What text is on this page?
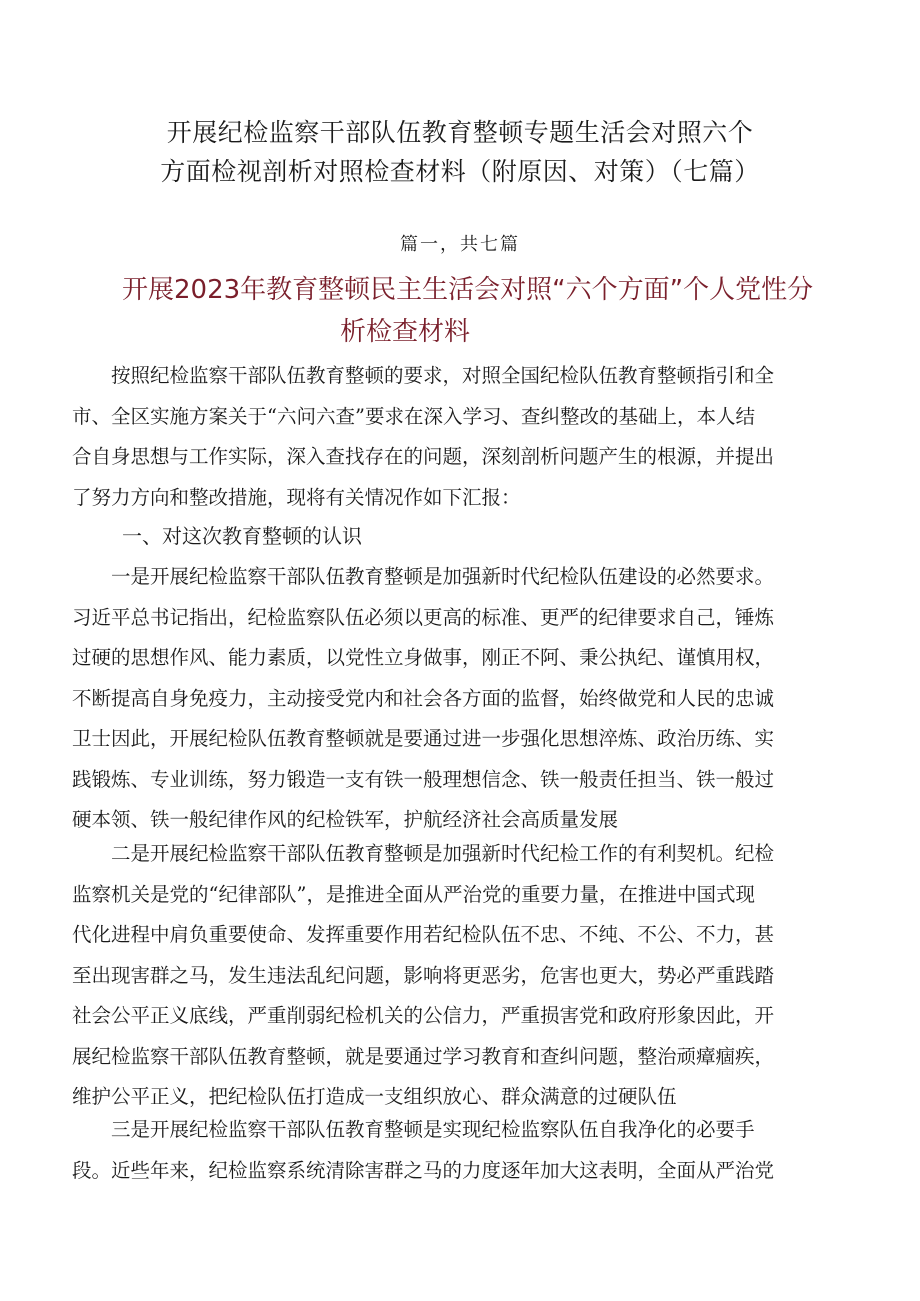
开展纪检监察干部队伍教育整顿专题生活会对照六个
方面检视剖析对照检查材料（附原因、对策）（七篇）
篇一，共七篇
开展2023年教育整顿民主生活会对照“六个方面”个人党性分
析检查材料
　　按照纪检监察干部队伍教育整顿的要求，对照全国纪检队伍教育整顿指引和全
市、全区实施方案关于“六问六查”要求在深入学习、查纠整改的基础上，本人结
合自身思想与工作实际，深入查找存在的问题，深刻剖析问题产生的根源，并提出
了努力方向和整改措施，现将有关情况作如下汇报：
一、对这次教育整顿的认识
　　一是开展纪检监察干部队伍教育整顿是加强新时代纪检队伍建设的必然要求。
习近平总书记指出，纪检监察队伍必须以更高的标准、更严的纪律要求自己，锤炼
过硬的思想作风、能力素质，以党性立身做事，刚正不阿、秉公执纪、谨慎用权，
不断提高自身免疫力，主动接受党内和社会各方面的监督，始终做党和人民的忠诚
卫士因此，开展纪检队伍教育整顿就是要通过进一步强化思想淬炼、政治历练、实
践锻炼、专业训练，努力锻造一支有铁一般理想信念、铁一般责任担当、铁一般过
硬本领、铁一般纪律作风的纪检铁军，护航经济社会高质量发展
　　二是开展纪检监察干部队伍教育整顿是加强新时代纪检工作的有利契机。纪检
监察机关是党的“纪律部队”，是推进全面从严治党的重要力量，在推进中国式现
代化进程中肩负重要使命、发挥重要作用若纪检队伍不忠、不纯、不公、不力，甚
至出现害群之马，发生违法乱纪问题，影响将更恶劣，危害也更大，势必严重践踏
社会公平正义底线，严重削弱纪检机关的公信力，严重损害党和政府形象因此，开
展纪检监察干部队伍教育整顿，就是要通过学习教育和查纠问题，整治顽瘴痼疾，
维护公平正义，把纪检队伍打造成一支组织放心、群众满意的过硬队伍
　　三是开展纪检监察干部队伍教育整顿是实现纪检监察队伍自我净化的必要手
段。近些年来，纪检监察系统清除害群之马的力度逐年加大这表明，全面从严治党
